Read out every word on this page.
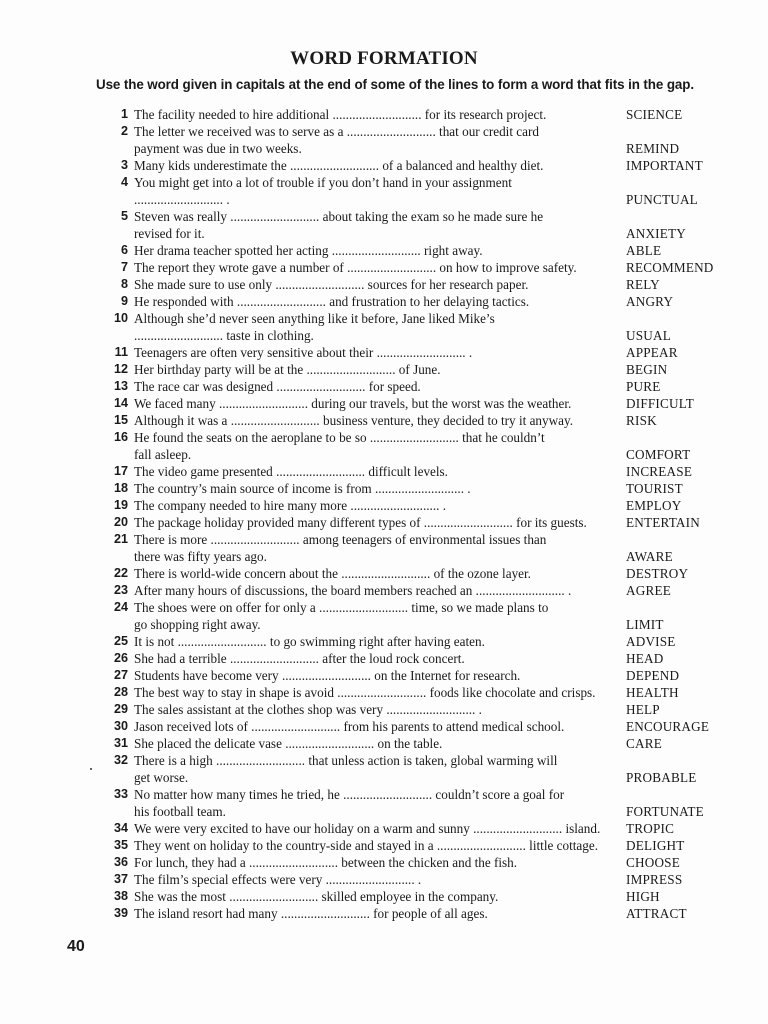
WORD FORMATION
Use the word given in capitals at the end of some of the lines to form a word that fits in the gap.
1 The facility needed to hire additional ........................... for its research project.	SCIENCE
2 The letter we received was to serve as a ........................... that our credit card
payment was due in two weeks.	REMIND
3 Many kids underestimate the ........................... of a balanced and healthy diet.	IMPORTANT
4 You might get into a lot of trouble if you don’t hand in your assignment
........................... .	PUNCTUAL
5 Steven was really ........................... about taking the exam so he made sure he
revised for it.	ANXIETY
6 Her drama teacher spotted her acting ........................... right away.	ABLE
7 The report they wrote gave a number of ........................... on how to improve safety.	RECOMMEND
8 She made sure to use only ........................... sources for her research paper.	RELY
9 He responded with ........................... and frustration to her delaying tactics.	ANGRY
10 Although she’d never seen anything like it before, Jane liked Mike’s
........................... taste in clothing.	USUAL
11 Teenagers are often very sensitive about their ........................... .	APPEAR
12 Her birthday party will be at the ........................... of June.	BEGIN
13 The race car was designed ........................... for speed.	PURE
14 We faced many ........................... during our travels, but the worst was the weather.	DIFFICULT
15 Although it was a ........................... business venture, they decided to try it anyway.	RISK
16 He found the seats on the aeroplane to be so ........................... that he couldn’t
fall asleep.	COMFORT
17 The video game presented ........................... difficult levels.	INCREASE
18 The country’s main source of income is from ........................... .	TOURIST
19 The company needed to hire many more ........................... .	EMPLOY
20 The package holiday provided many different types of ........................... for its guests.	ENTERTAIN
21 There is more ........................... among teenagers of environmental issues than
there was fifty years ago.	AWARE
22 There is world-wide concern about the ........................... of the ozone layer.	DESTROY
23 After many hours of discussions, the board members reached an ........................... .	AGREE
24 The shoes were on offer for only a ........................... time, so we made plans to
go shopping right away.	LIMIT
25 It is not ........................... to go swimming right after having eaten.	ADVISE
26 She had a terrible ........................... after the loud rock concert.	HEAD
27 Students have become very ........................... on the Internet for research.	DEPEND
28 The best way to stay in shape is avoid ........................... foods like chocolate and crisps. HEALTH
29 The sales assistant at the clothes shop was very ........................... .	HELP
30 Jason received lots of ........................... from his parents to attend medical school.	ENCOURAGE
31 She placed the delicate vase ........................... on the table.	CARE
32 There is a high ........................... that unless action is taken, global warming will
get worse.	PROBABLE
33 No matter how many times he tried, he ........................... couldn’t score a goal for
his football team.	FORTUNATE
34 We were very excited to have our holiday on a warm and sunny ........................... island. TROPIC
35 They went on holiday to the country-side and stayed in a ........................... little cottage. DELIGHT
36 For lunch, they had a ........................... between the chicken and the fish.	CHOOSE
37 The film’s special effects were very ........................... .	IMPRESS
38 She was the most ........................... skilled employee in the company.	HIGH
39 The island resort had many ........................... for people of all ages.	ATTRACT
40
